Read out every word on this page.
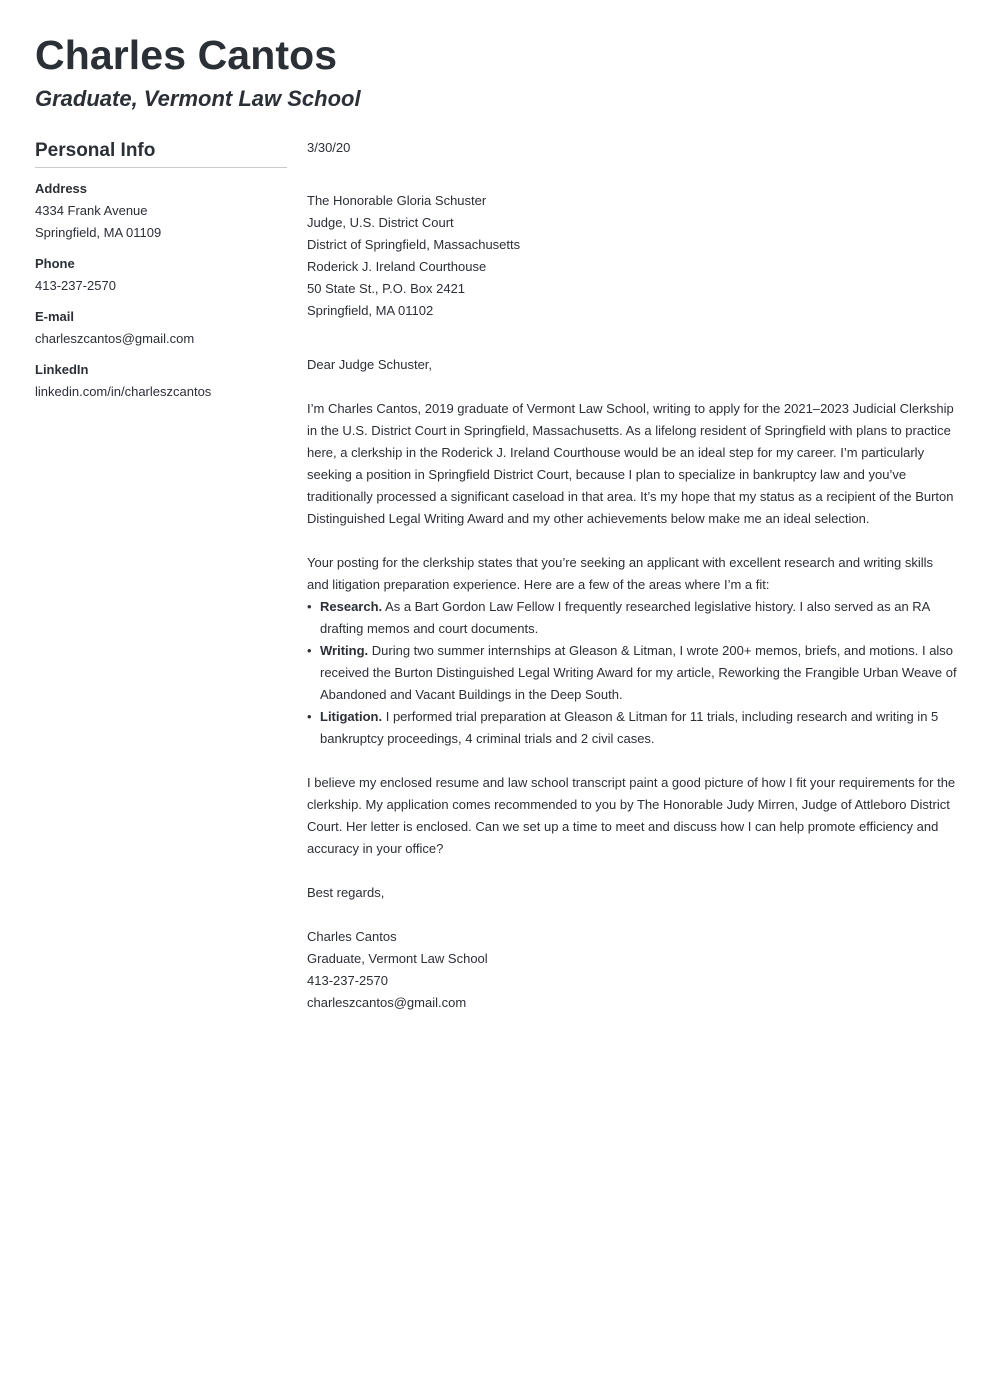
Charles Cantos
Graduate, Vermont Law School
Personal Info
Address
4334 Frank Avenue
Springfield, MA 01109
Phone
413-237-2570
E-mail
charleszcantos@gmail.com
LinkedIn
linkedin.com/in/charleszcantos

3/30/20

The Honorable Gloria Schuster
Judge, U.S. District Court
District of Springfield, Massachusetts
Roderick J. Ireland Courthouse
50 State St., P.O. Box 2421
Springfield, MA 01102

Dear Judge Schuster,

I’m Charles Cantos, 2019 graduate of Vermont Law School, writing to apply for the 2021–2023 Judicial Clerkship in the U.S. District Court in Springfield, Massachusetts. As a lifelong resident of Springfield with plans to practice here, a clerkship in the Roderick J. Ireland Courthouse would be an ideal step for my career. I’m particularly seeking a position in Springfield District Court, because I plan to specialize in bankruptcy law and you’ve traditionally processed a significant caseload in that area. It’s my hope that my status as a recipient of the Burton Distinguished Legal Writing Award and my other achievements below make me an ideal selection.

Your posting for the clerkship states that you’re seeking an applicant with excellent research and writing skills and litigation preparation experience. Here are a few of the areas where I’m a fit:

• Research. As a Bart Gordon Law Fellow I frequently researched legislative history. I also served as an RA drafting memos and court documents.
• Writing. During two summer internships at Gleason & Litman, I wrote 200+ memos, briefs, and motions. I also received the Burton Distinguished Legal Writing Award for my article, Reworking the Frangible Urban Weave of Abandoned and Vacant Buildings in the Deep South.
• Litigation. I performed trial preparation at Gleason & Litman for 11 trials, including research and writing in 5 bankruptcy proceedings, 4 criminal trials and 2 civil cases.

I believe my enclosed resume and law school transcript paint a good picture of how I fit your requirements for the clerkship. My application comes recommended to you by The Honorable Judy Mirren, Judge of Attleboro District Court. Her letter is enclosed. Can we set up a time to meet and discuss how I can help promote efficiency and accuracy in your office?

Best regards,

Charles Cantos
Graduate, Vermont Law School
413-237-2570
charleszcantos@gmail.com
